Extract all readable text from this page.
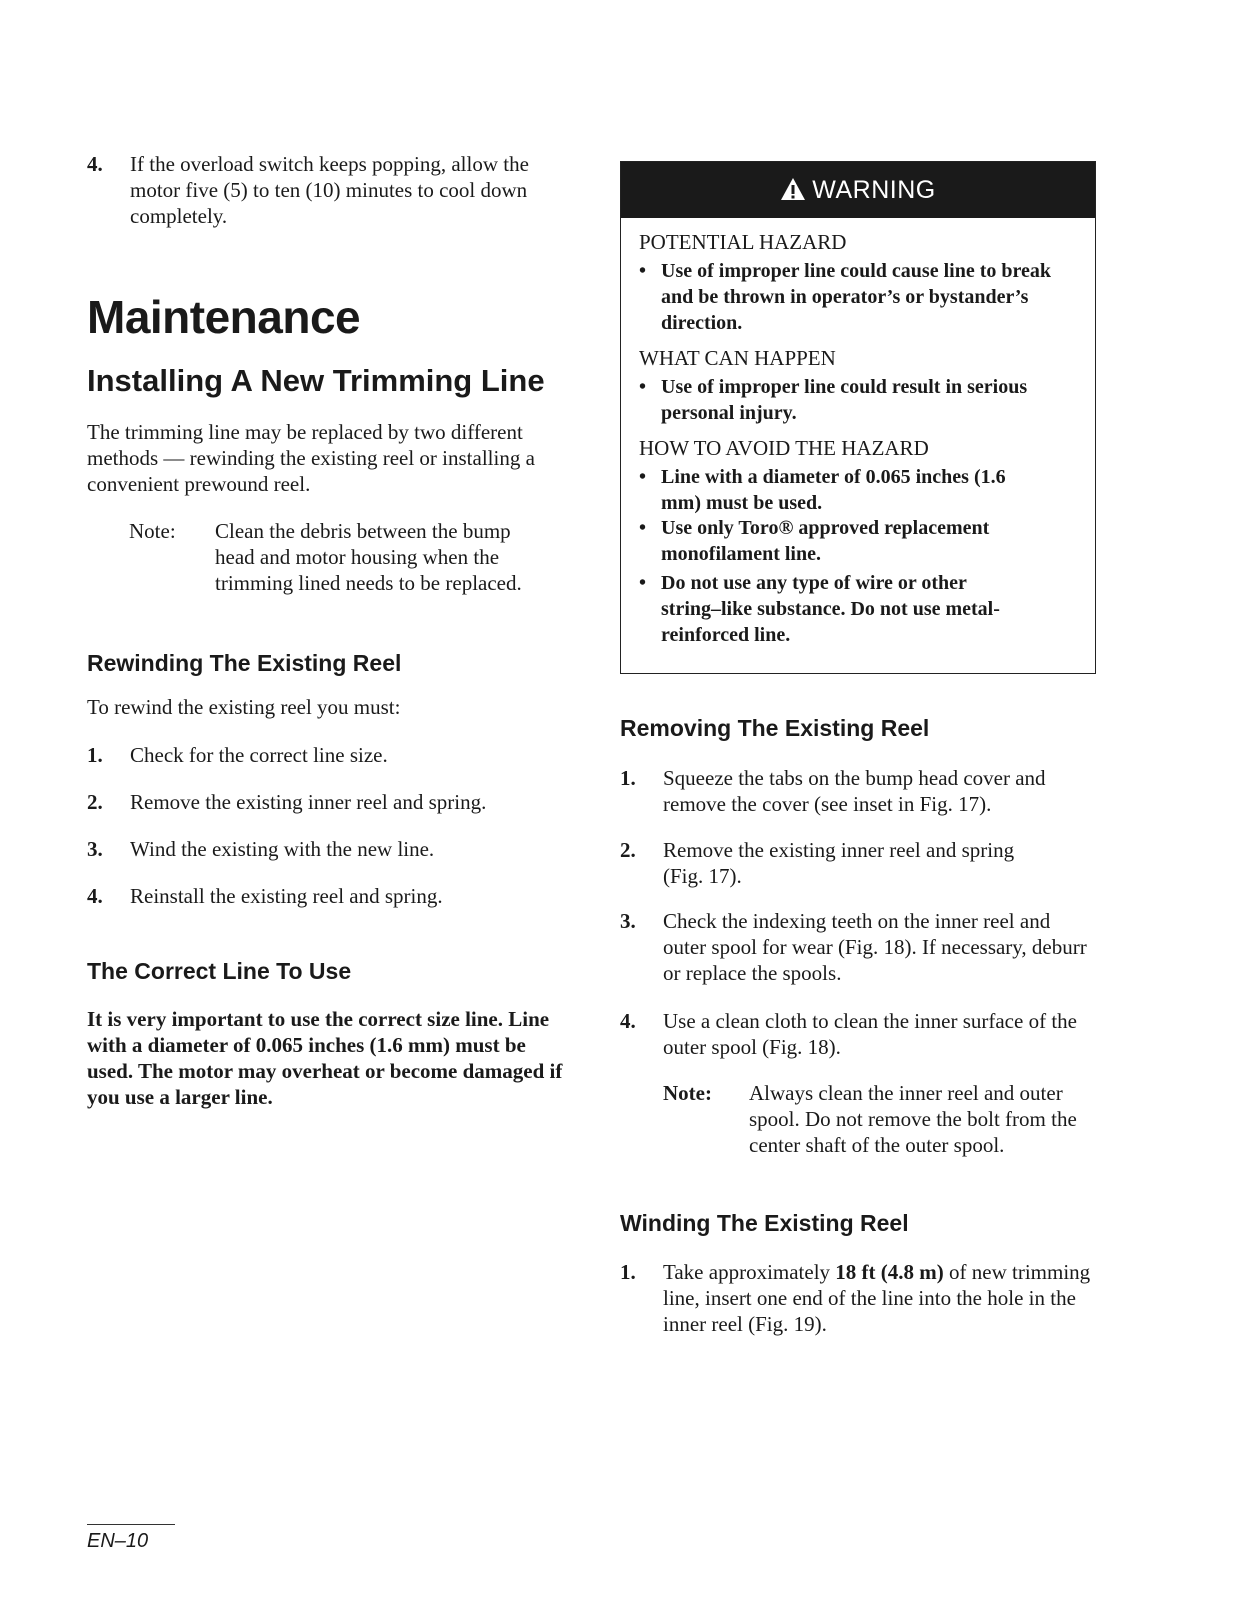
4. If the overload switch keeps popping, allow the motor five (5) to ten (10) minutes to cool down completely.
Maintenance
Installing A New Trimming Line
The trimming line may be replaced by two different methods — rewinding the existing reel or installing a convenient prewound reel.
Note: Clean the debris between the bump head and motor housing when the trimming lined needs to be replaced.
Rewinding The Existing Reel
To rewind the existing reel you must:
1. Check for the correct line size.
2. Remove the existing inner reel and spring.
3. Wind the existing with the new line.
4. Reinstall the existing reel and spring.
The Correct Line To Use
It is very important to use the correct size line. Line with a diameter of 0.065 inches (1.6 mm) must be used. The motor may overheat or become damaged if you use a larger line.
WARNING
POTENTIAL HAZARD
• Use of improper line could cause line to break and be thrown in operator’s or bystander’s direction.
WHAT CAN HAPPEN
• Use of improper line could result in serious personal injury.
HOW TO AVOID THE HAZARD
• Line with a diameter of 0.065 inches (1.6 mm) must be used.
• Use only Toro® approved replacement monofilament line.
• Do not use any type of wire or other string–like substance. Do not use metal-reinforced line.
Removing The Existing Reel
1. Squeeze the tabs on the bump head cover and remove the cover (see inset in Fig. 17).
2. Remove the existing inner reel and spring (Fig. 17).
3. Check the indexing teeth on the inner reel and outer spool for wear (Fig. 18). If necessary, deburr or replace the spools.
4. Use a clean cloth to clean the inner surface of the outer spool (Fig. 18).
Note: Always clean the inner reel and outer spool. Do not remove the bolt from the center shaft of the outer spool.
Winding The Existing Reel
1. Take approximately 18 ft (4.8 m) of new trimming line, insert one end of the line into the hole in the inner reel (Fig. 19).
EN–10
